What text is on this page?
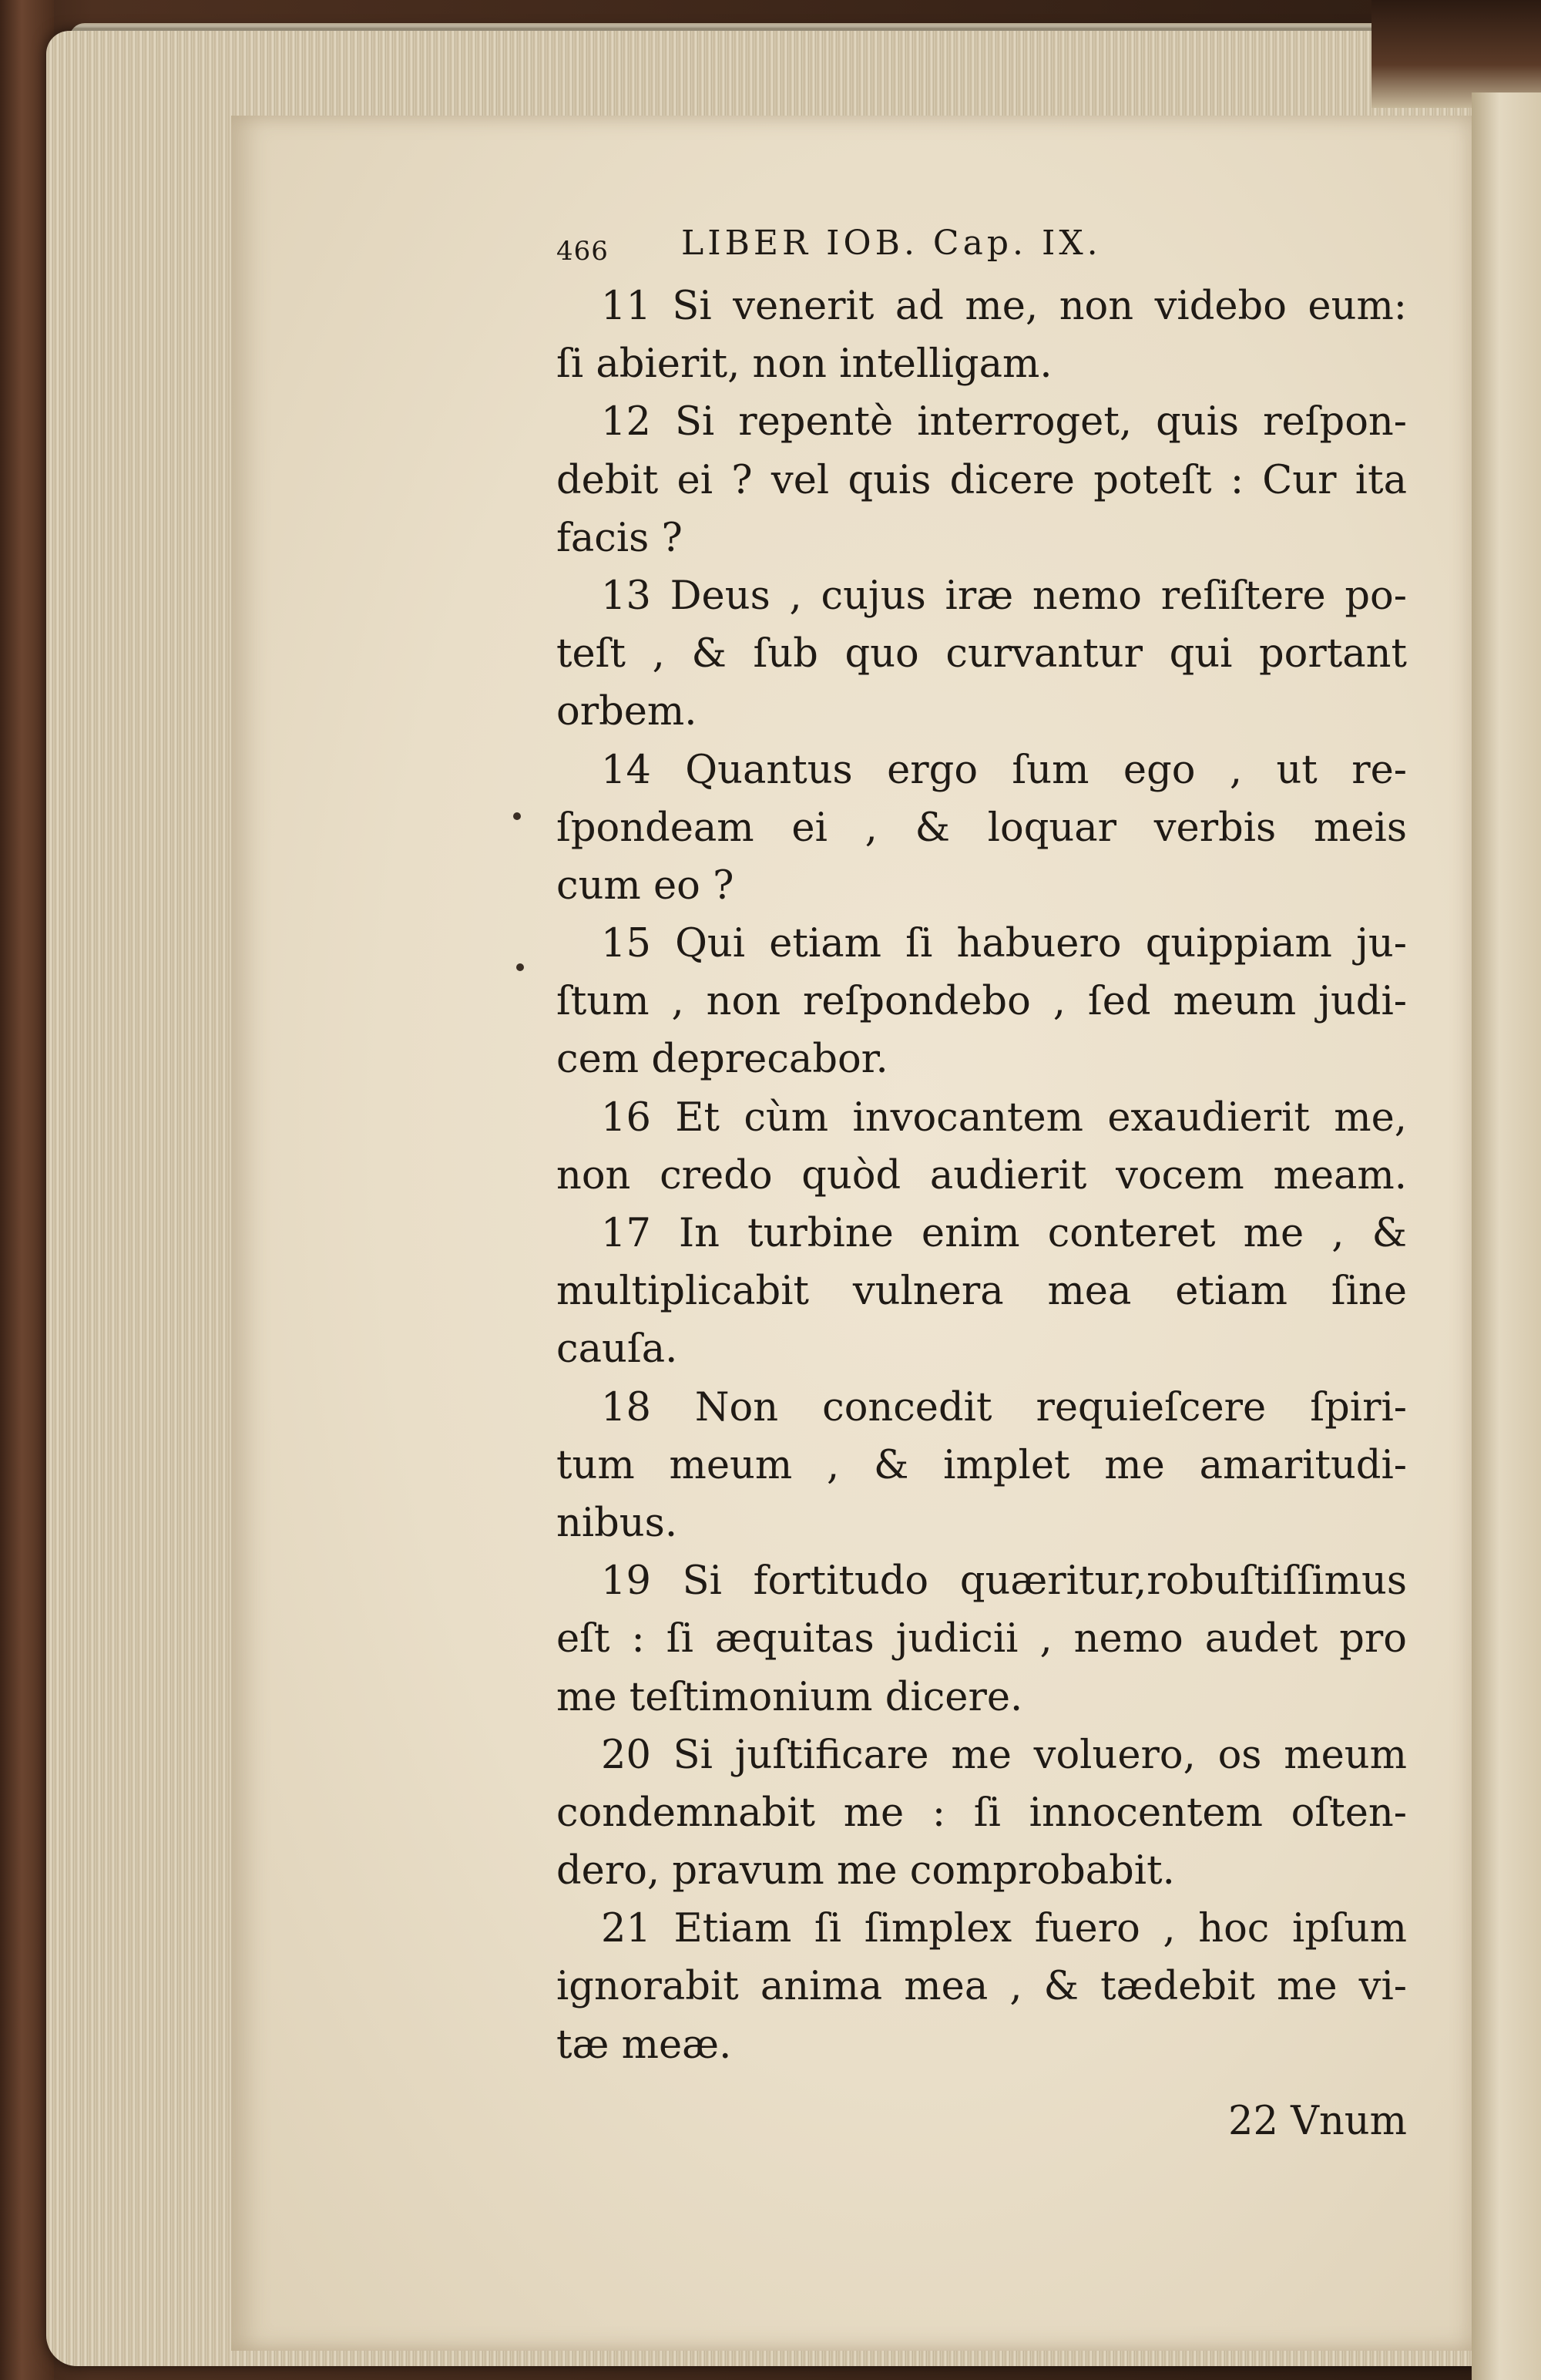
466 LIBER IOB. Cap. IX.
11 Si venerit ad me, non videbo eum:
ſi abierit, non intelligam.
12 Si repentè interroget, quis reſpon-
debit ei ? vel quis dicere poteſt : Cur ita
facis ?
13 Deus , cujus iræ nemo reſiſtere po-
teſt , & ſub quo curvantur qui portant
orbem.
14 Quantus ergo ſum ego , ut re-
ſpondeam ei , & loquar verbis meis
cum eo ?
15 Qui etiam ſi habuero quippiam ju-
ſtum , non reſpondebo , ſed meum judi-
cem deprecabor.
16 Et cùm invocantem exaudierit me,
non credo quòd audierit vocem meam.
17 In turbine enim conteret me , &
multiplicabit vulnera mea etiam ſine
cauſa.
18 Non concedit requieſcere ſpiri-
tum meum , & implet me amaritudi-
nibus.
19 Si fortitudo quæritur,robuſtiſſimus
eſt : ſi æquitas judicii , nemo audet pro
me teſtimonium dicere.
20 Si juſtificare me voluero, os meum
condemnabit me : ſi innocentem oſten-
dero, pravum me comprobabit.
21 Etiam ſi ſimplex fuero , hoc ipſum
ignorabit anima mea , & tædebit me vi-
tæ meæ.
22 Vnum
